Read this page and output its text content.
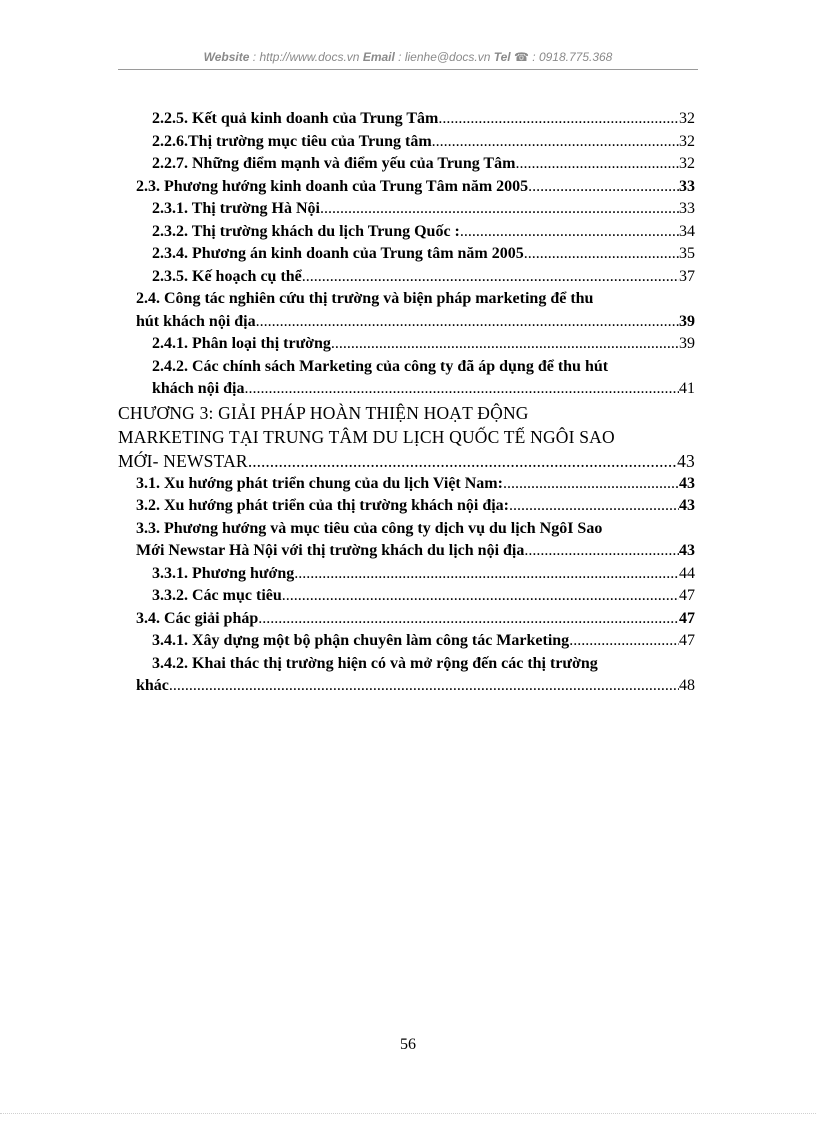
Website : http://www.docs.vn Email : lienhe@docs.vn Tel ☎ : 0918.775.368
2.2.5. Kết quả kinh doanh của Trung Tâm .....	32
2.2.6.Thị trường mục tiêu của Trung tâm .....	32
2.2.7. Những điểm mạnh và điểm yếu của Trung Tâm .....	32
2.3. Phương hướng kinh doanh của Trung Tâm năm 2005 .....	33
2.3.1. Thị trường Hà Nội .....	33
2.3.2. Thị trường khách du lịch Trung Quốc : .....	34
2.3.4. Phương án kinh doanh của Trung tâm năm 2005 .....	35
2.3.5. Kế hoạch cụ thể .....	37
2.4. Công tác nghiên cứu thị trường và biện pháp marketing để thu
hút khách nội địa .....	39
2.4.1. Phân loại thị trường .....	39
2.4.2. Các chính sách Marketing của công ty đã áp dụng để thu hút
khách nội địa .....	41
CHƯƠNG 3: GIẢI PHÁP HOÀN THIỆN HOẠT ĐỘNG
MARKETING TẠI TRUNG TÂM DU LỊCH QUỐC TẾ NGÔI SAO
MỚI- NEWSTAR .....	43
3.1. Xu hướng phát triển chung của du lịch Việt Nam: .....	43
3.2. Xu hướng phát triển của thị trường khách nội địa: .....	43
3.3. Phương hướng và mục tiêu của công ty dịch vụ du lịch NgôI Sao
Mới Newstar Hà Nội với thị trường khách du lịch nội địa .....	43
3.3.1. Phương hướng .....	44
3.3.2. Các mục tiêu .....	47
3.4. Các giải pháp .....	47
3.4.1. Xây dựng một bộ phận chuyên làm công tác Marketing .....	47
3.4.2. Khai thác thị trường hiện có và mở rộng đến các thị trường
khác .....	48
56
